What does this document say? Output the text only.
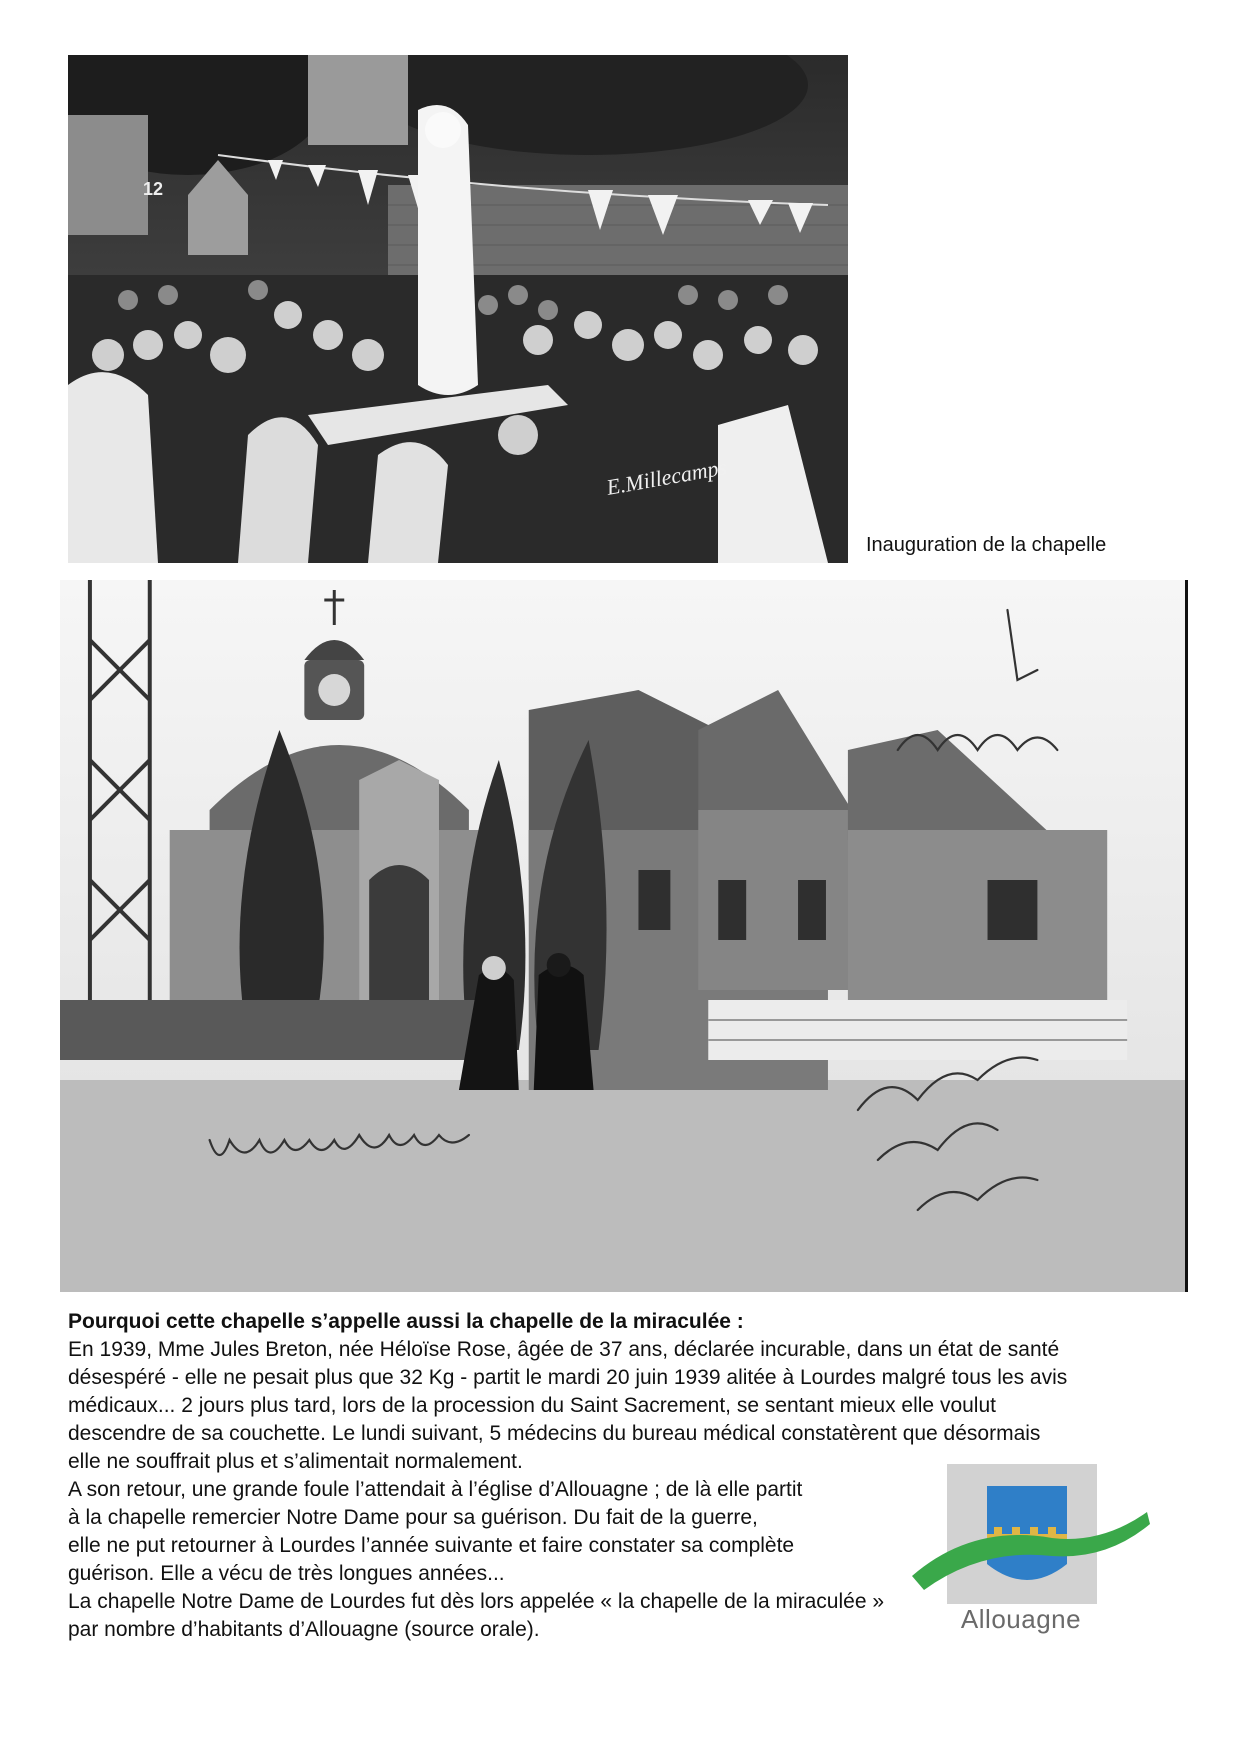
12
E.Millecamps
Inauguration de la chapelle
Pourquoi cette chapelle s’appelle aussi la chapelle de la miraculée :

En 1939, Mme Jules Breton, née Héloïse Rose, âgée de 37 ans, déclarée incurable, dans un état de santé

désespéré - elle ne pesait plus que 32 Kg - partit le mardi 20 juin 1939 alitée à Lourdes malgré tous les avis

médicaux... 2 jours plus tard, lors de la procession du Saint Sacrement, se sentant mieux elle voulut

descendre de sa couchette. Le lundi suivant, 5 médecins du bureau médical constatèrent que désormais

elle ne souffrait plus et s’alimentait normalement.

A son retour, une grande foule l’attendait à l’église d’Allouagne ; de là elle partit

à la chapelle remercier Notre Dame pour sa guérison. Du fait de la guerre,

elle ne put retourner à Lourdes l’année suivante et faire constater sa complète

guérison. Elle a vécu de très longues années...

La chapelle Notre Dame de Lourdes fut dès lors appelée « la chapelle de la miraculée »

par nombre d’habitants d’Allouagne (source orale).	Allouagne
